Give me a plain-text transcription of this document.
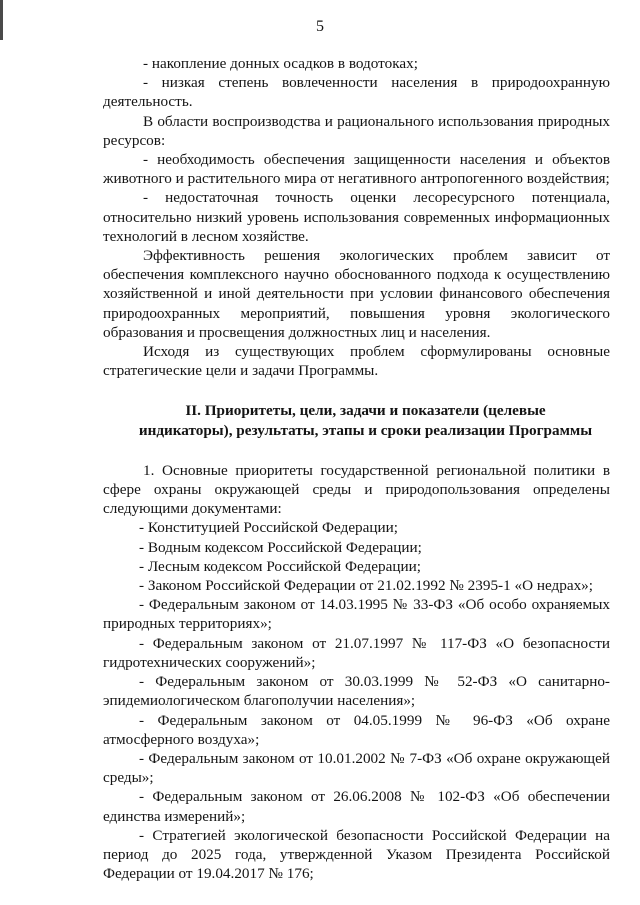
5

- накопление донных осадков в водотоках;

- низкая степень вовлеченности населения в природоохранную деятельность.

В области воспроизводства и рационального использования природных ресурсов:

- необходимость обеспечения защищенности населения и объектов животного и растительного мира от негативного антропогенного воздействия;

- недостаточная точность оценки лесоресурсного потенциала, относительно низкий уровень использования современных информационных технологий в лесном хозяйстве.

Эффективность решения экологических проблем зависит от обеспечения комплексного научно обоснованного подхода к осуществлению хозяйственной и иной деятельности при условии финансового обеспечения природоохранных мероприятий, повышения уровня экологического образования и просвещения должностных лиц и населения.

Исходя из существующих проблем сформулированы основные стратегические цели и задачи Программы.

II. Приоритеты, цели, задачи и показатели (целевые
индикаторы), результаты, этапы и сроки реализации Программы

1. Основные приоритеты государственной региональной политики в сфере охраны окружающей среды и природопользования определены следующими документами:

- Конституцией Российской Федерации;

- Водным кодексом Российской Федерации;

- Лесным кодексом Российской Федерации;

- Законом Российской Федерации от 21.02.1992 № 2395-1 «О недрах»;

- Федеральным законом от 14.03.1995 № 33-ФЗ «Об особо охраняемых природных территориях»;

- Федеральным законом от 21.07.1997 № 117-ФЗ «О безопасности гидротехнических сооружений»;

- Федеральным законом от 30.03.1999 № 52-ФЗ «О санитарно-эпидемиологическом благополучии населения»;

- Федеральным законом от 04.05.1999 № 96-ФЗ «Об охране атмосферного воздуха»;

- Федеральным законом от 10.01.2002 № 7-ФЗ «Об охране окружающей среды»;

- Федеральным законом от 26.06.2008 № 102-ФЗ «Об обеспечении единства измерений»;

- Стратегией экологической безопасности Российской Федерации на период до 2025 года, утвержденной Указом Президента Российской Федерации от 19.04.2017 № 176;
